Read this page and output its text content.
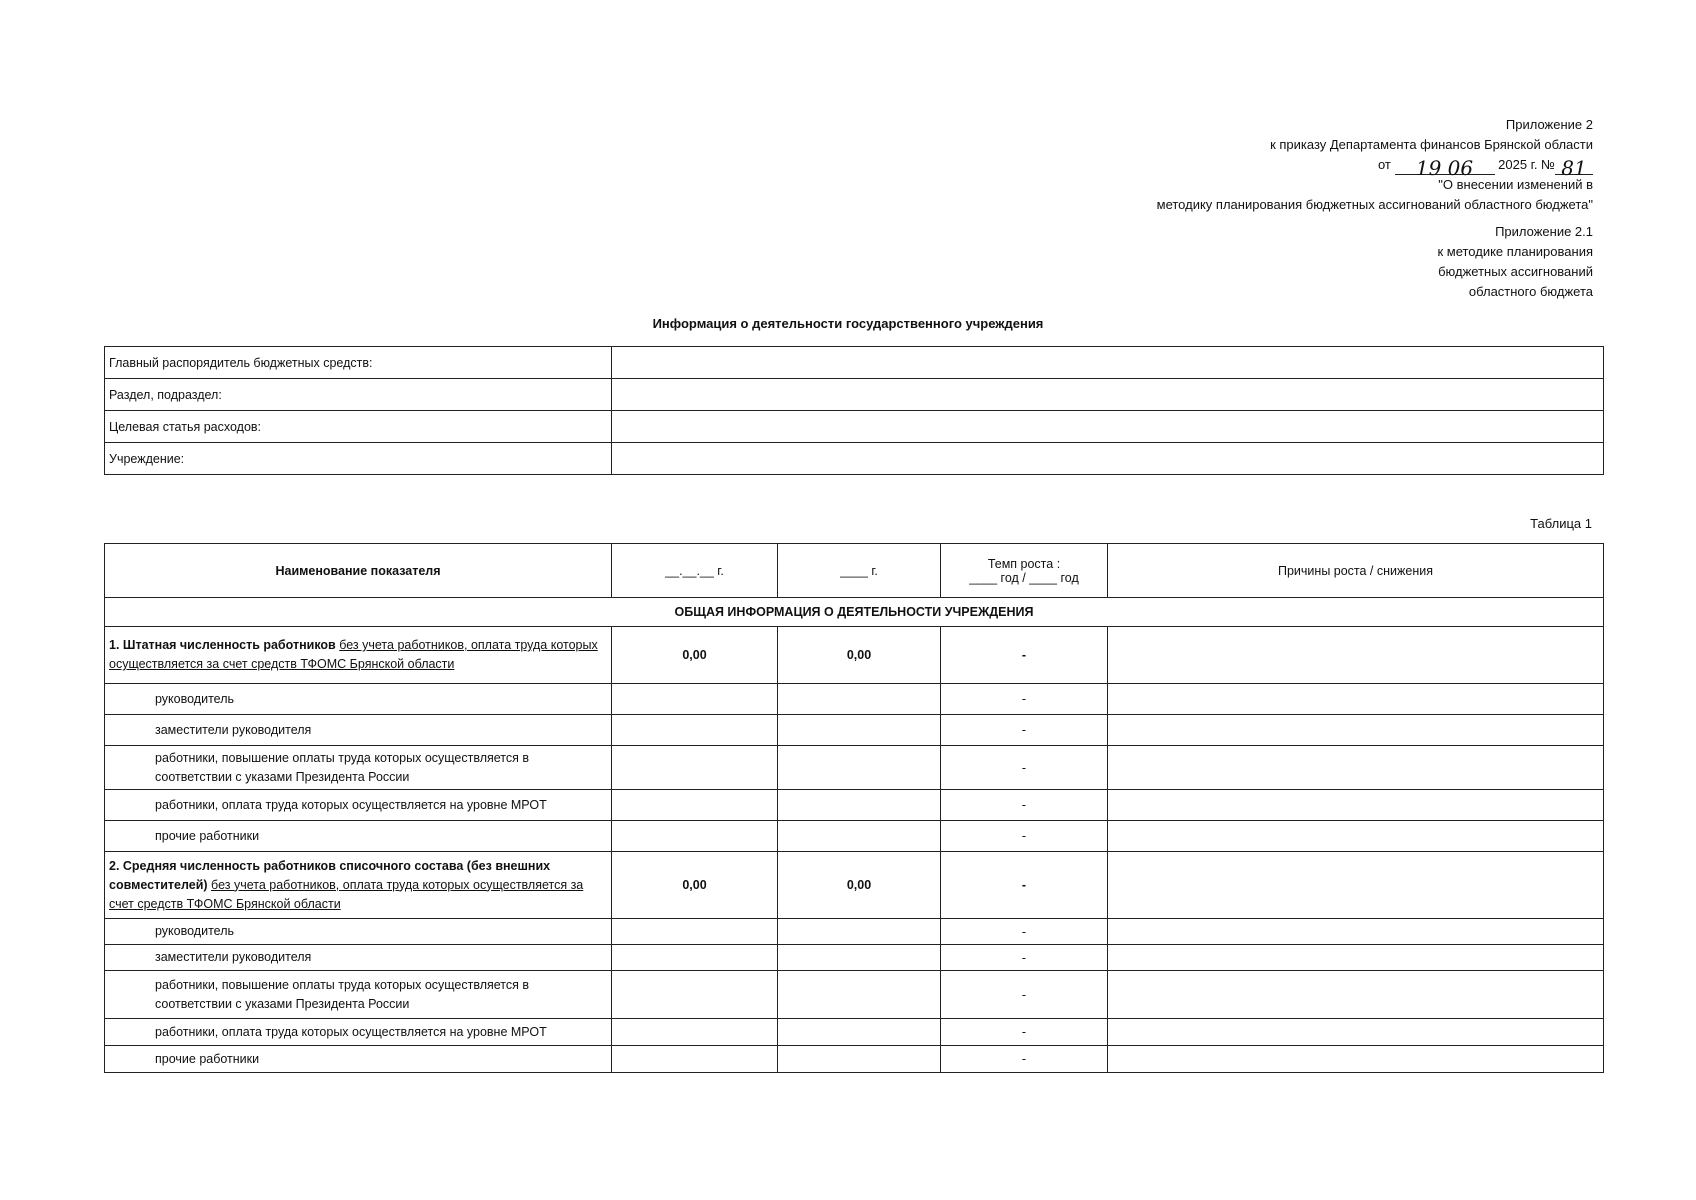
Приложение 2
к приказу Департамента финансов Брянской области
от 19 06 2025 г. № 81
"О внесении изменений в
методику планирования бюджетных ассигнований областного бюджета"
Приложение 2.1
к методике планирования
бюджетных ассигнований
областного бюджета
Информация о деятельности государственного учреждения
Главный распорядитель бюджетных средств:	
Раздел, подраздел:	
Целевая статья расходов:	
Учреждение:	
Таблица 1
Наименование показателя	__.__.__ г.	____ г.	Темп роста :
____ год / ____ год	Причины роста / снижения
ОБЩАЯ ИНФОРМАЦИЯ О ДЕЯТЕЛЬНОСТИ УЧРЕЖДЕНИЯ				
1. Штатная численность работников без учета работников, оплата труда которых осуществляется за счет средств ТФОМС Брянской области	0,00	0,00	-	
руководитель			-	
заместители руководителя			-	
работники, повышение оплаты труда которых осуществляется в соответствии с указами Президента России			-	
работники, оплата труда которых осуществляется на уровне МРОТ			-	
прочие работники			-	
2. Средняя численность работников списочного состава (без внешних совместителей) без учета работников, оплата труда которых осуществляется за счет средств ТФОМС Брянской области	0,00	0,00	-	
руководитель			-	
заместители руководителя			-	
работники, повышение оплаты труда которых осуществляется в соответствии с указами Президента России			-	
работники, оплата труда которых осуществляется на уровне МРОТ			-	
прочие работники			-	
